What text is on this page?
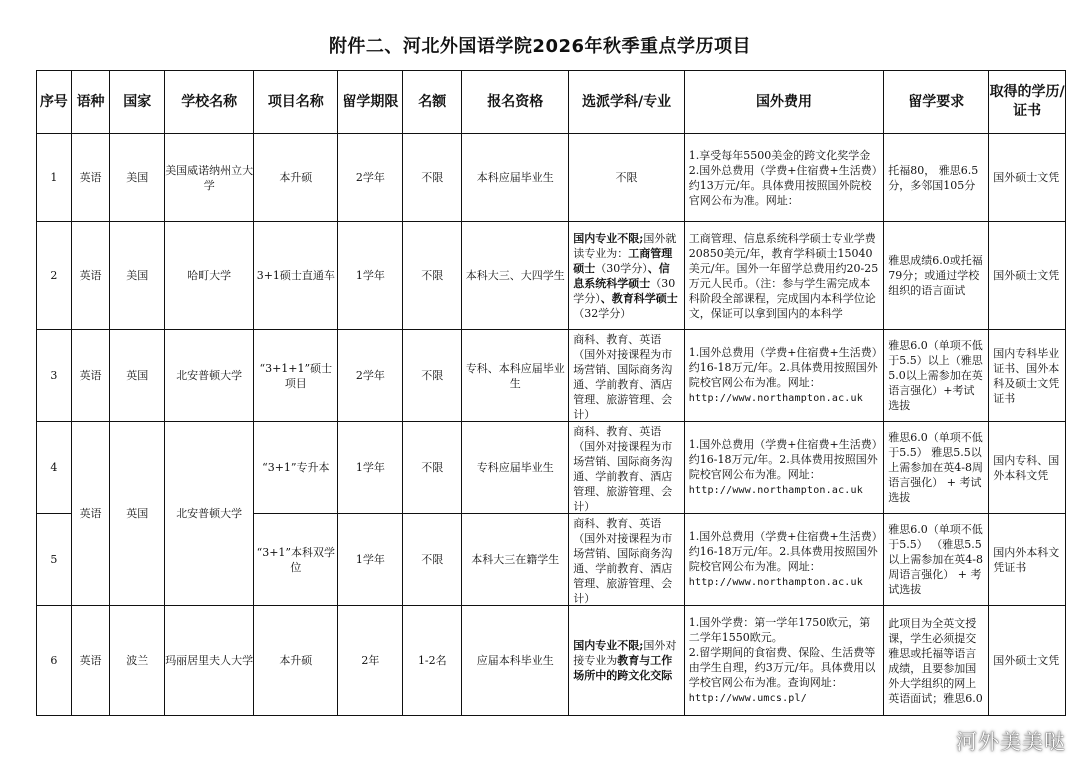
附件二、河北外国语学院2026年秋季重点学历项目
序号	语种	国家	学校名称	项目名称	留学期限	名额	报名资格	选派学科/专业	国外费用	留学要求	取得的学历/证书
1	英语	美国	美国威诺纳州立大学	本升硕	2学年	不限	本科应届毕业生	不限	1.享受每年5500美金的跨文化奖学金 2.国外总费用（学费+住宿费+生活费）约13万元/年。具体费用按照国外院校官网公布为准。网址：	托福80， 雅思6.5分，多邻国105分	国外硕士文凭

2	英语	美国	哈町大学	3+1硕士直通车	1学年	不限	本科大三、大四学生	国内专业不限;国外就读专业为：工商管理硕士（30学分）、信息系统科学硕士（30学分）、教育科学硕士（32学分）	工商管理、信息系统科学硕士专业学费20850美元/年，教育学科硕士15040美元/年。国外一年留学总费用约20-25万元人民币。（注：参与学生需完成本科阶段全部课程，完成国内本科学位论文，保证可以拿到国内的本科学	雅思成绩6.0或托福79分；或通过学校组织的语言面试	国外硕士文凭

3	英语	英国	北安普顿大学	“3+1+1”硕士项目	2学年	不限	专科、本科应届毕业生	商科、教育、英语（国外对接课程为市场营销、国际商务沟通、学前教育、酒店管理、旅游管理、会计）	1.国外总费用（学费+住宿费+生活费）约16-18万元/年。2.具体费用按照国外院校官网公布为准。网址：
http://www.northampton.ac.uk	雅思6.0（单项不低于5.5）以上（雅思5.0以上需参加在英语言强化）+考试选拔	国内专科毕业证书、国外本科及硕士文凭证书

4	英语	英国	北安普顿大学	“3+1”专升本	1学年	不限	专科应届毕业生	商科、教育、英语（国外对接课程为市场营销、国际商务沟通、学前教育、酒店管理、旅游管理、会计）	1.国外总费用（学费+住宿费+生活费）约16-18万元/年。2.具体费用按照国外院校官网公布为准。网址：
http://www.northampton.ac.uk	雅思6.0（单项不低于5.5） 雅思5.5以上需参加在英4-8周语言强化） + 考试选拔	国内专科、国外本科文凭

5				“3+1”本科双学位	1学年	不限	本科大三在籍学生	商科、教育、英语（国外对接课程为市场营销、国际商务沟通、学前教育、酒店管理、旅游管理、会计）	1.国外总费用（学费+住宿费+生活费）约16-18万元/年。2.具体费用按照国外院校官网公布为准。网址：
http://www.northampton.ac.uk	雅思6.0（单项不低于5.5） （雅思5.5以上需参加在英4-8周语言强化） + 考试选拔	国内外本科文凭证书

6	英语	波兰	玛丽居里夫人大学	本升硕	2年	1-2名	应届本科毕业生	国内专业不限;国外对接专业为教育与工作场所中的跨文化交际	1.国外学费：第一学年1750欧元，第二学年1550欧元。
2.留学期间的食宿费、保险、生活费等由学生自理，约3万元/年。具体费用以学校官网公布为准。查询网址：
http://www.umcs.pl/	此项目为全英文授课，学生必须提交雅思或托福等语言成绩，且要参加国外大学组织的网上英语面试；雅思6.0	国外硕士文凭
河外美美哒
